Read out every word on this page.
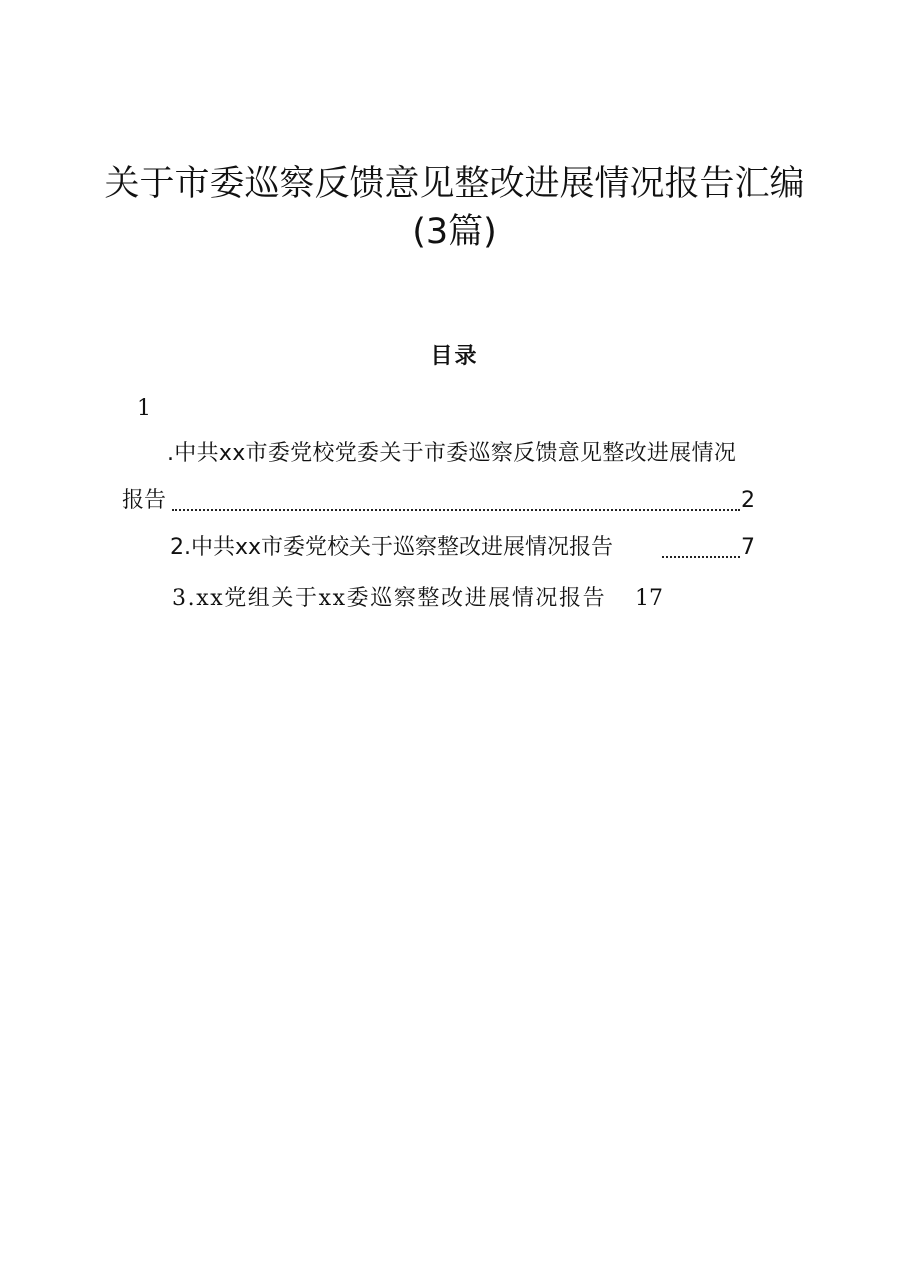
关于市委巡察反馈意见整改进展情况报告汇编
(3篇)
目录
1
.中共xx市委党校党委关于市委巡察反馈意见整改进展情况
报告	2
2.中共xx市委党校关于巡察整改进展情况报告	7
3.xx党组关于xx委巡察整改进展情况报告 17
